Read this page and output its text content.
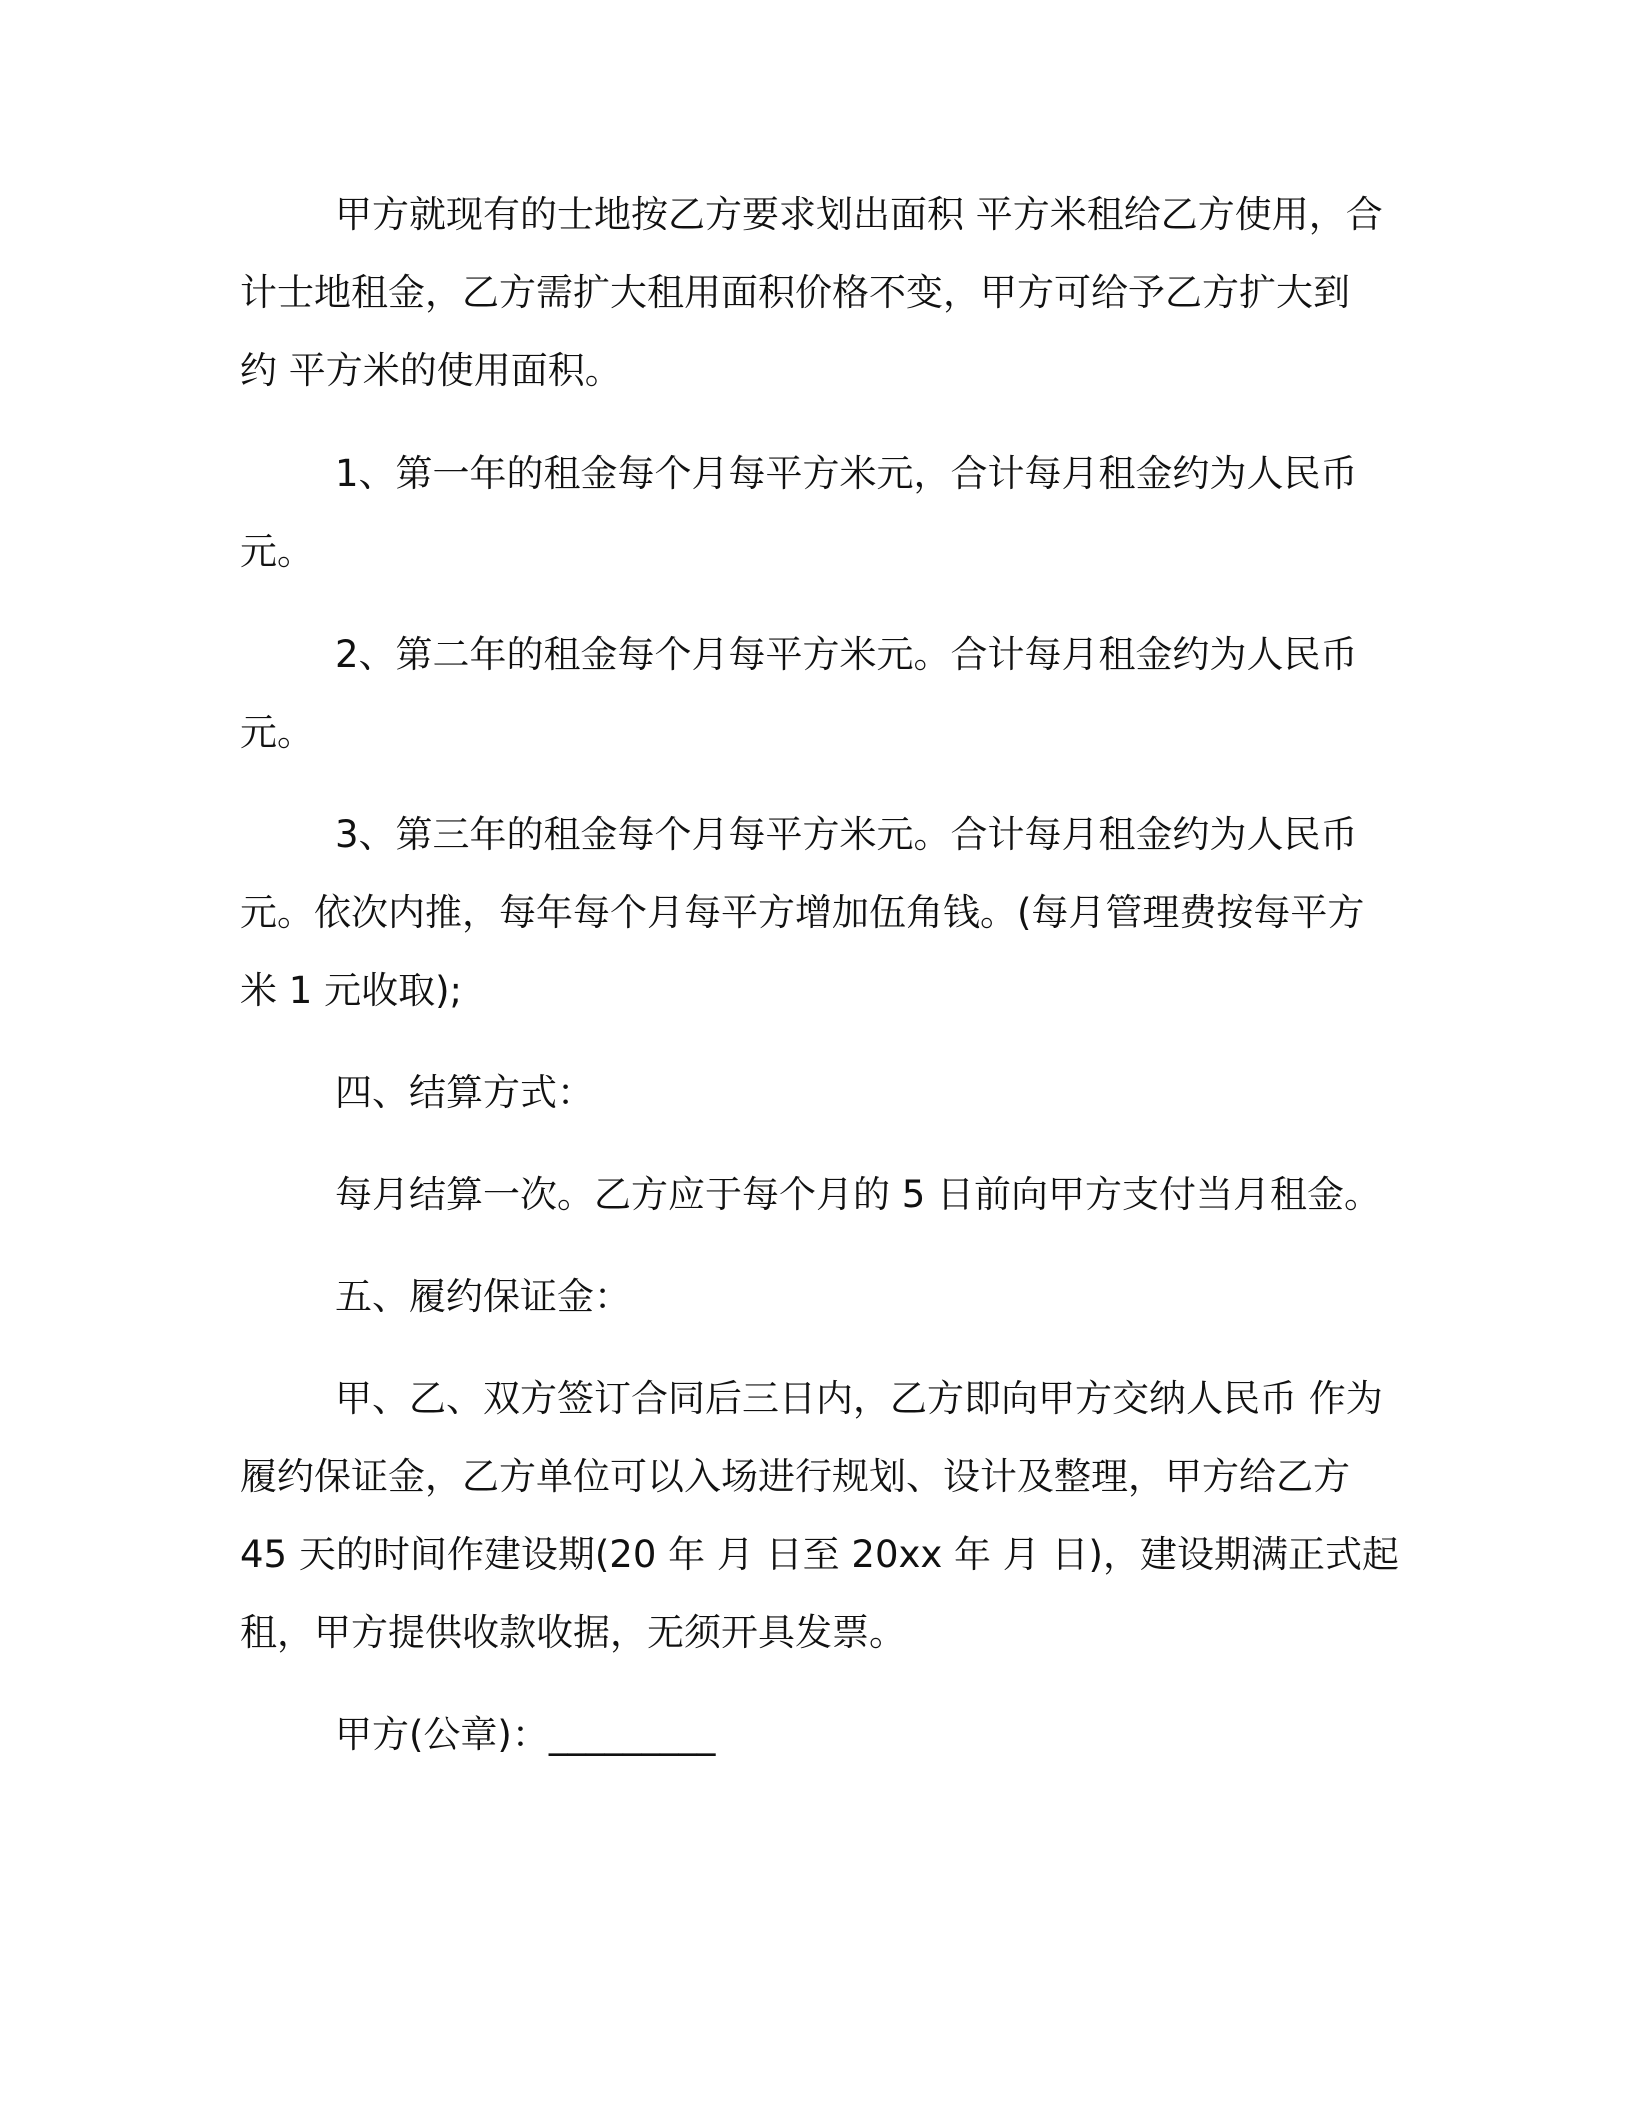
甲方就现有的士地按乙方要求划出面积 平方米租给乙方使用，合
计士地租金，乙方需扩大租用面积价格不变，甲方可给予乙方扩大到
约 平方米的使用面积。
1、第一年的租金每个月每平方米元，合计每月租金约为人民币
元。
2、第二年的租金每个月每平方米元。合计每月租金约为人民币
元。
3、第三年的租金每个月每平方米元。合计每月租金约为人民币
元。依次内推，每年每个月每平方增加伍角钱。(每月管理费按每平方
米 1 元收取);
四、结算方式：
每月结算一次。乙方应于每个月的 5 日前向甲方支付当月租金。
五、履约保证金：
甲、乙、双方签订合同后三日内，乙方即向甲方交纳人民币 作为
履约保证金，乙方单位可以入场进行规划、设计及整理，甲方给乙方
45 天的时间作建设期(20 年 月 日至 20xx 年 月 日)，建设期满正式起
租，甲方提供收款收据，无须开具发票。
甲方(公章)：_________
